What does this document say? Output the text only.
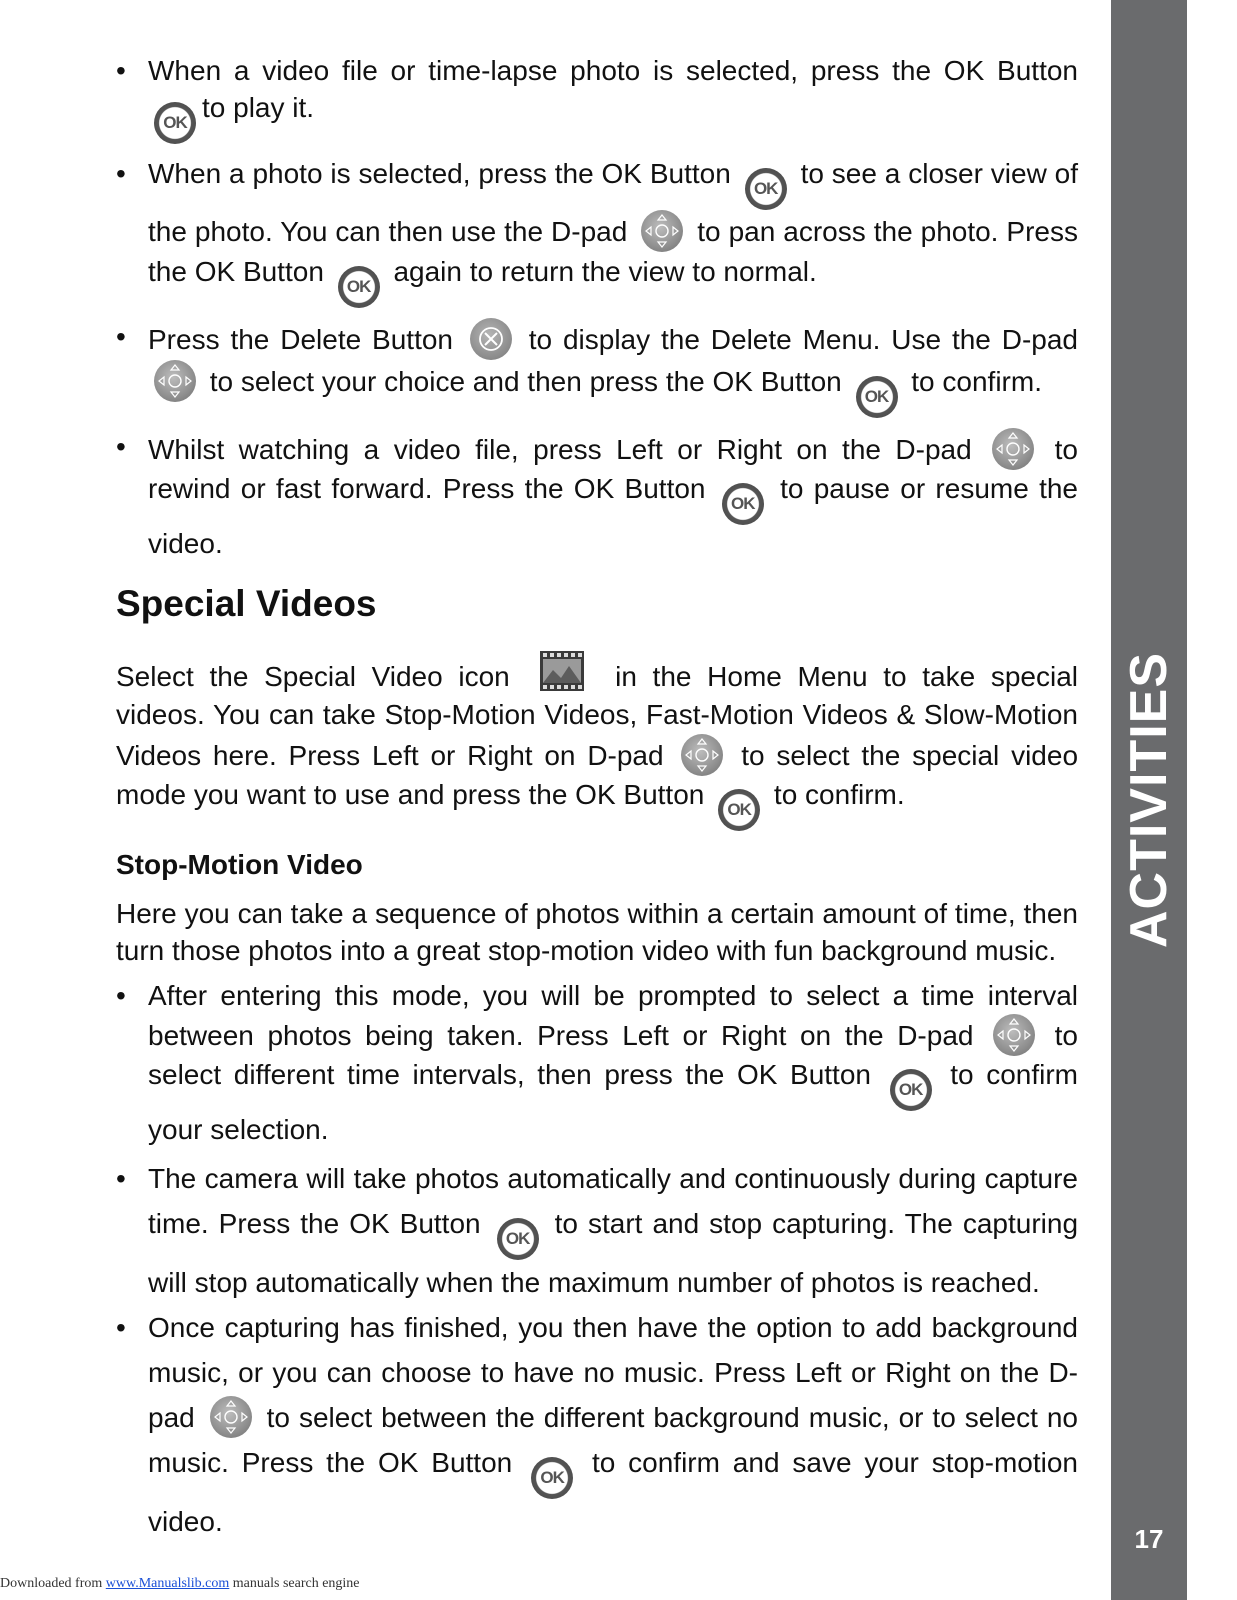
• When a video file or time-lapse photo is selected, press the OK Button OK to play it.
• When a photo is selected, press the OK Button OK to see a closer view of the photo. You can then use the D-pad to pan across the photo. Press the OK Button OK again to return the view to normal.
• Press the Delete Button	to display the Delete Menu. Use the D-pad
to select your choice and then press the OK Button OK to confirm.
• Whilst watching a video file, press Left or Right on the D-pad	to rewind or fast forward. Press the OK Button OK to pause or resume the video.
Special Videos

Select the Special Video icon	in the Home Menu to take special videos. You can take Stop-Motion Videos, Fast-Motion Videos & Slow-Motion Videos here. Press Left or Right on D-pad	to select the special video mode you want to use and press the OK Button OK to confirm.

Stop-Motion Video

Here you can take a sequence of photos within a certain amount of time, then turn those photos into a great stop-motion video with fun background music.

• After entering this mode, you will be prompted to select a time interval between photos being taken. Press Left or Right on the D-pad	to select different time intervals, then press the OK Button OK to confirm your selection.
• The camera will take photos automatically and continuously during capture time. Press the OK Button OK to start and stop capturing. The capturing will stop automatically when the maximum number of photos is reached.
• Once capturing has finished, you then have the option to add background music, or you can choose to have no music. Press Left or Right on the D-pad	to select between the different background music, or to select no music. Press the OK Button OK to confirm and save your stop-motion video.
ACTIVITIES
17
Downloaded from www.Manualslib.com manuals search engine
